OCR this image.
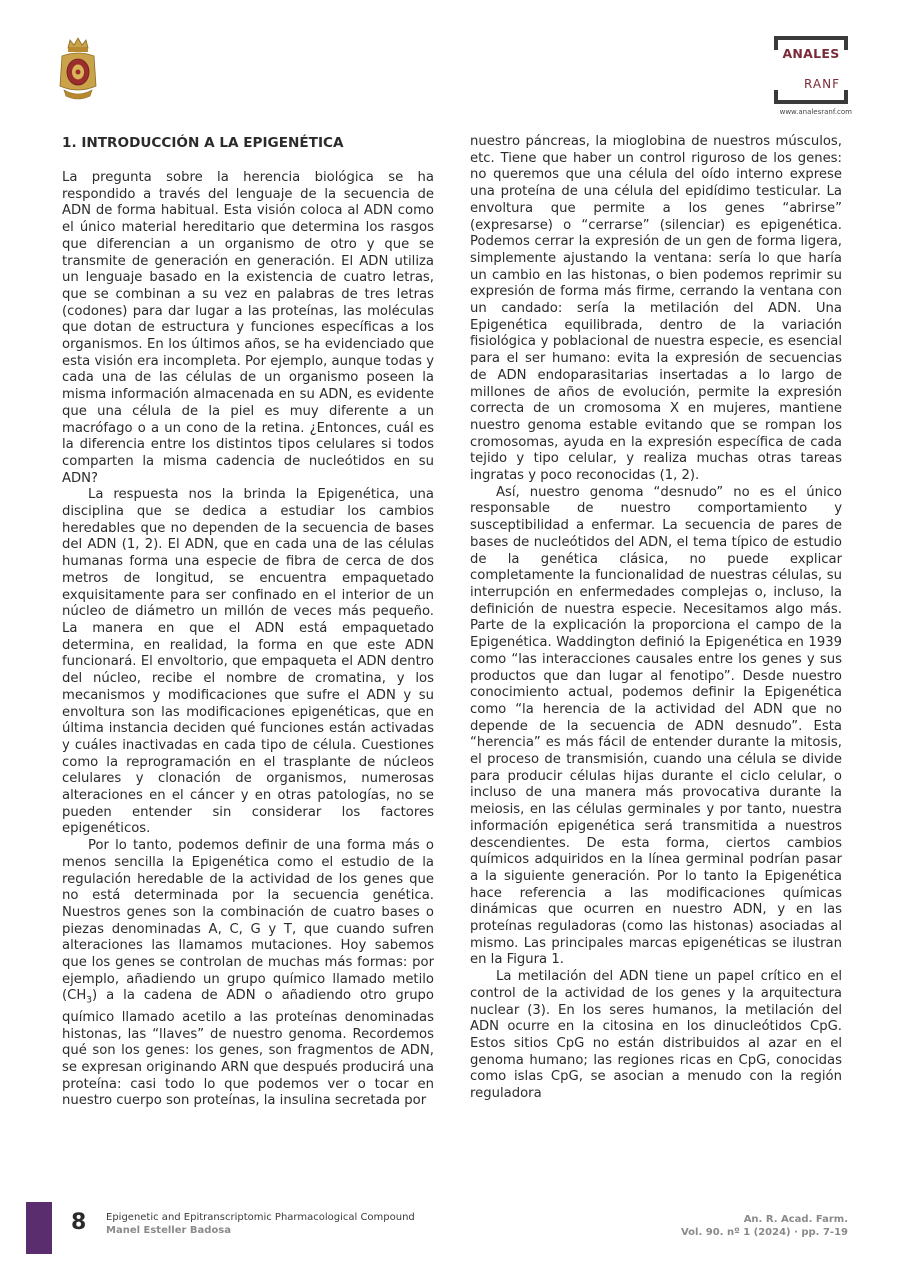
ANALES
RANF
www.analesranf.com
1. INTRODUCCIÓN A LA EPIGENÉTICA

La pregunta sobre la herencia biológica se ha respondido a través del lenguaje de la secuencia de ADN de forma habitual. Esta visión coloca al ADN como el único material hereditario que determina los rasgos que diferencian a un organismo de otro y que se transmite de generación en generación. El ADN utiliza un lenguaje basado en la existencia de cuatro letras, que se combinan a su vez en palabras de tres letras (codones) para dar lugar a las proteínas, las moléculas que dotan de estructura y funciones específicas a los organismos. En los últimos años, se ha evidenciado que esta visión era incompleta. Por ejemplo, aunque todas y cada una de las células de un organismo poseen la misma información almacenada en su ADN, es evidente que una célula de la piel es muy diferente a un macrófago o a un cono de la retina. ¿Entonces, cuál es la diferencia entre los distintos tipos celulares si todos comparten la misma cadencia de nucleótidos en su ADN?

La respuesta nos la brinda la Epigenética, una disciplina que se dedica a estudiar los cambios heredables que no dependen de la secuencia de bases del ADN (1, 2). El ADN, que en cada una de las células humanas forma una especie de fibra de cerca de dos metros de longitud, se encuentra empaquetado exquisitamente para ser confinado en el interior de un núcleo de diámetro un millón de veces más pequeño. La manera en que el ADN está empaquetado determina, en realidad, la forma en que este ADN funcionará. El envoltorio, que empaqueta el ADN dentro del núcleo, recibe el nombre de cromatina, y los mecanismos y modificaciones que sufre el ADN y su envoltura son las modificaciones epigenéticas, que en última instancia deciden qué funciones están activadas y cuáles inactivadas en cada tipo de célula. Cuestiones como la reprogramación en el trasplante de núcleos celulares y clonación de organismos, numerosas alteraciones en el cáncer y en otras patologías, no se pueden entender sin considerar los factores epigenéticos.

Por lo tanto, podemos definir de una forma más o menos sencilla la Epigenética como el estudio de la regulación heredable de la actividad de los genes que no está determinada por la secuencia genética. Nuestros genes son la combinación de cuatro bases o piezas denominadas A, C, G y T, que cuando sufren alteraciones las llamamos mutaciones. Hoy sabemos que los genes se controlan de muchas más formas: por ejemplo, añadiendo un grupo químico llamado metilo $(CH_3)$ a la cadena de ADN o añadiendo otro grupo químico llamado acetilo a las proteínas denominadas histonas, las “llaves” de nuestro genoma. Recordemos qué son los genes: los genes, son fragmentos de ADN, se expresan originando ARN que después producirá una proteína: casi todo lo que podemos ver o tocar en nuestro cuerpo son proteínas, la insulina secretada por

nuestro páncreas, la mioglobina de nuestros músculos, etc. Tiene que haber un control riguroso de los genes: no queremos que una célula del oído interno exprese una proteína de una célula del epidídimo testicular. La envoltura que permite a los genes “abrirse” (expresarse) o “cerrarse” (silenciar) es epigenética. Podemos cerrar la expresión de un gen de forma ligera, simplemente ajustando la ventana: sería lo que haría un cambio en las histonas, o bien podemos reprimir su expresión de forma más firme, cerrando la ventana con un candado: sería la metilación del ADN. Una Epigenética equilibrada, dentro de la variación fisiológica y poblacional de nuestra especie, es esencial para el ser humano: evita la expresión de secuencias de ADN endoparasitarias insertadas a lo largo de millones de años de evolución, permite la expresión correcta de un cromosoma X en mujeres, mantiene nuestro genoma estable evitando que se rompan los cromosomas, ayuda en la expresión específica de cada tejido y tipo celular, y realiza muchas otras tareas ingratas y poco reconocidas (1, 2).

Así, nuestro genoma “desnudo” no es el único responsable de nuestro comportamiento y susceptibilidad a enfermar. La secuencia de pares de bases de nucleótidos del ADN, el tema típico de estudio de la genética clásica, no puede explicar completamente la funcionalidad de nuestras células, su interrupción en enfermedades complejas o, incluso, la definición de nuestra especie. Necesitamos algo más. Parte de la explicación la proporciona el campo de la Epigenética. Waddington definió la Epigenética en 1939 como “las interacciones causales entre los genes y sus productos que dan lugar al fenotipo”. Desde nuestro conocimiento actual, podemos definir la Epigenética como “la herencia de la actividad del ADN que no depende de la secuencia de ADN desnudo”. Esta “herencia” es más fácil de entender durante la mitosis, el proceso de transmisión, cuando una célula se divide para producir células hijas durante el ciclo celular, o incluso de una manera más provocativa durante la meiosis, en las células germinales y por tanto, nuestra información epigenética será transmitida a nuestros descendientes. De esta forma, ciertos cambios químicos adquiridos en la línea germinal podrían pasar a la siguiente generación. Por lo tanto la Epigenética hace referencia a las modificaciones químicas dinámicas que ocurren en nuestro ADN, y en las proteínas reguladoras (como las histonas) asociadas al mismo. Las principales marcas epigenéticas se ilustran en la Figura 1.

La metilación del ADN tiene un papel crítico en el control de la actividad de los genes y la arquitectura nuclear (3). En los seres humanos, la metilación del ADN ocurre en la citosina en los dinucleótidos CpG. Estos sitios CpG no están distribuidos al azar en el genoma humano; las regiones ricas en CpG, conocidas como islas CpG, se asocian a menudo con la región reguladora

8 Epigenetic and Epitranscriptomic Pharmacological Compound
Manel Esteller Badosa
An. R. Acad. Farm.
Vol. 90. nº 1 (2024) · pp. 7-19
